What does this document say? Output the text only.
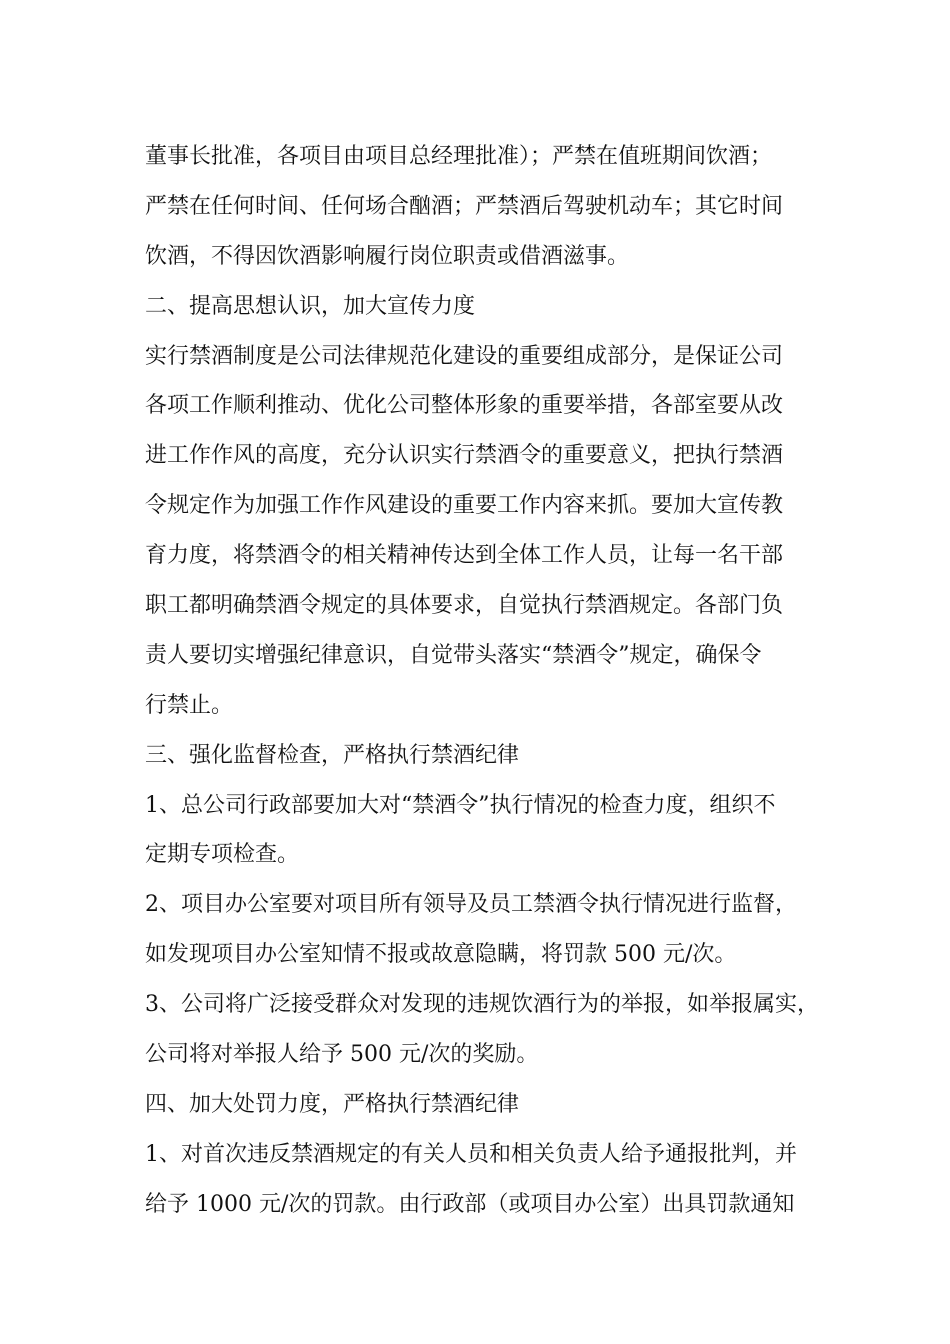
董事长批准，各项目由项目总经理批准）；严禁在值班期间饮酒；
严禁在任何时间、任何场合酗酒；严禁酒后驾驶机动车；其它时间
饮酒，不得因饮酒影响履行岗位职责或借酒滋事。
二、提高思想认识，加大宣传力度
实行禁酒制度是公司法律规范化建设的重要组成部分，是保证公司
各项工作顺利推动、优化公司整体形象的重要举措，各部室要从改
进工作作风的高度，充分认识实行禁酒令的重要意义，把执行禁酒
令规定作为加强工作作风建设的重要工作内容来抓。要加大宣传教
育力度，将禁酒令的相关精神传达到全体工作人员，让每一名干部
职工都明确禁酒令规定的具体要求，自觉执行禁酒规定。各部门负
责人要切实增强纪律意识，自觉带头落实“禁酒令”规定，确保令
行禁止。
三、强化监督检查，严格执行禁酒纪律
1、总公司行政部要加大对“禁酒令”执行情况的检查力度，组织不
定期专项检查。
2、项目办公室要对项目所有领导及员工禁酒令执行情况进行监督，
如发现项目办公室知情不报或故意隐瞒，将罚款 500 元/次。
3、公司将广泛接受群众对发现的违规饮酒行为的举报，如举报属实，
公司将对举报人给予 500 元/次的奖励。
四、加大处罚力度，严格执行禁酒纪律
1、对首次违反禁酒规定的有关人员和相关负责人给予通报批判，并
给予 1000 元/次的罚款。由行政部（或项目办公室）出具罚款通知
